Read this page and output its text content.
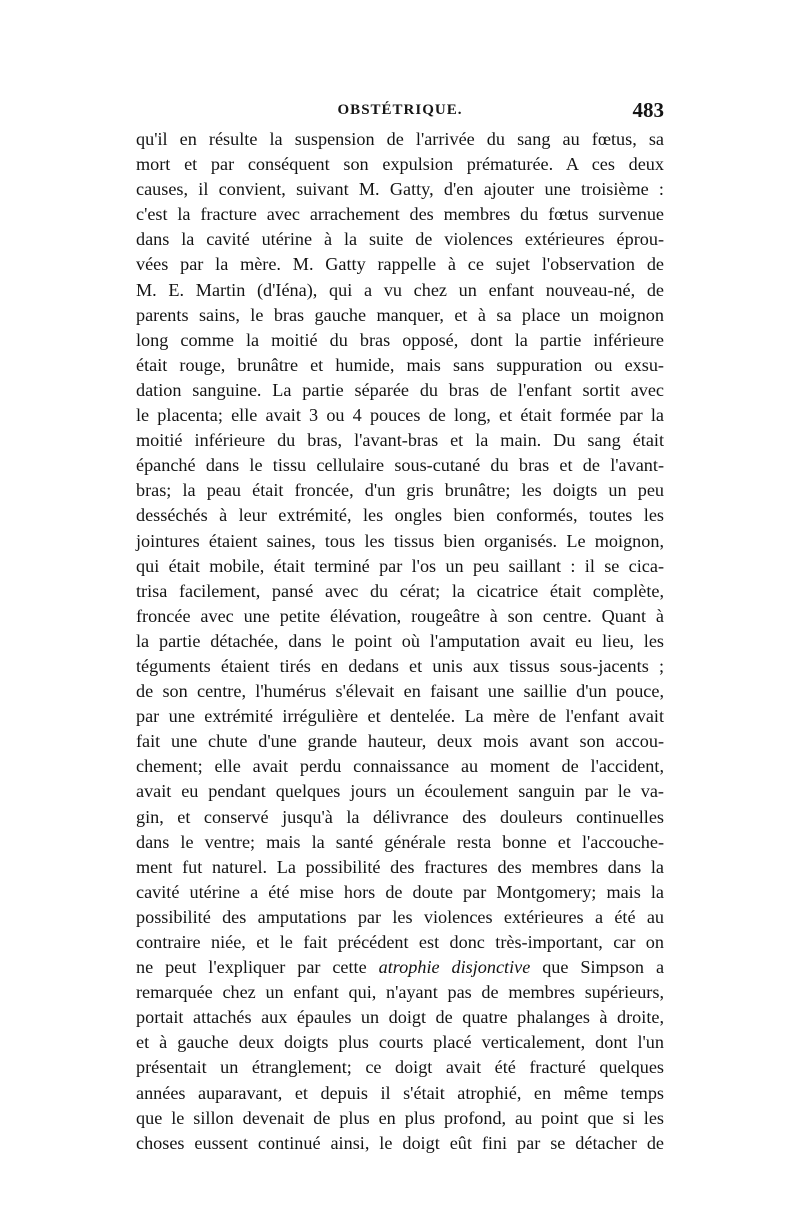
OBSTÉTRIQUE.	483
qu'il en résulte la suspension de l'arrivée du sang au fœtus, sa
mort et par conséquent son expulsion prématurée. A ces deux
causes, il convient, suivant M. Gatty, d'en ajouter une troisième :
c'est la fracture avec arrachement des membres du fœtus survenue
dans la cavité utérine à la suite de violences extérieures éprou-
vées par la mère. M. Gatty rappelle à ce sujet l'observation de
M. E. Martin (d'Iéna), qui a vu chez un enfant nouveau-né, de
parents sains, le bras gauche manquer, et à sa place un moignon
long comme la moitié du bras opposé, dont la partie inférieure
était rouge, brunâtre et humide, mais sans suppuration ou exsu-
dation sanguine. La partie séparée du bras de l'enfant sortit avec
le placenta; elle avait 3 ou 4 pouces de long, et était formée par la
moitié inférieure du bras, l'avant-bras et la main. Du sang était
épanché dans le tissu cellulaire sous-cutané du bras et de l'avant-
bras; la peau était froncée, d'un gris brunâtre; les doigts un peu
desséchés à leur extrémité, les ongles bien conformés, toutes les
jointures étaient saines, tous les tissus bien organisés. Le moignon,
qui était mobile, était terminé par l'os un peu saillant : il se cica-
trisa facilement, pansé avec du cérat; la cicatrice était complète,
froncée avec une petite élévation, rougeâtre à son centre. Quant à
la partie détachée, dans le point où l'amputation avait eu lieu, les
téguments étaient tirés en dedans et unis aux tissus sous-jacents ;
de son centre, l'humérus s'élevait en faisant une saillie d'un pouce,
par une extrémité irrégulière et dentelée. La mère de l'enfant avait
fait une chute d'une grande hauteur, deux mois avant son accou-
chement; elle avait perdu connaissance au moment de l'accident,
avait eu pendant quelques jours un écoulement sanguin par le va-
gin, et conservé jusqu'à la délivrance des douleurs continuelles
dans le ventre; mais la santé générale resta bonne et l'accouche-
ment fut naturel. La possibilité des fractures des membres dans la
cavité utérine a été mise hors de doute par Montgomery; mais la
possibilité des amputations par les violences extérieures a été au
contraire niée, et le fait précédent est donc très-important, car on
ne peut l'expliquer par cette atrophie disjonctive que Simpson a
remarquée chez un enfant qui, n'ayant pas de membres supérieurs,
portait attachés aux épaules un doigt de quatre phalanges à droite,
et à gauche deux doigts plus courts placé verticalement, dont l'un
présentait un étranglement; ce doigt avait été fracturé quelques
années auparavant, et depuis il s'était atrophié, en même temps
que le sillon devenait de plus en plus profond, au point que si les
choses eussent continué ainsi, le doigt eût fini par se détacher de
